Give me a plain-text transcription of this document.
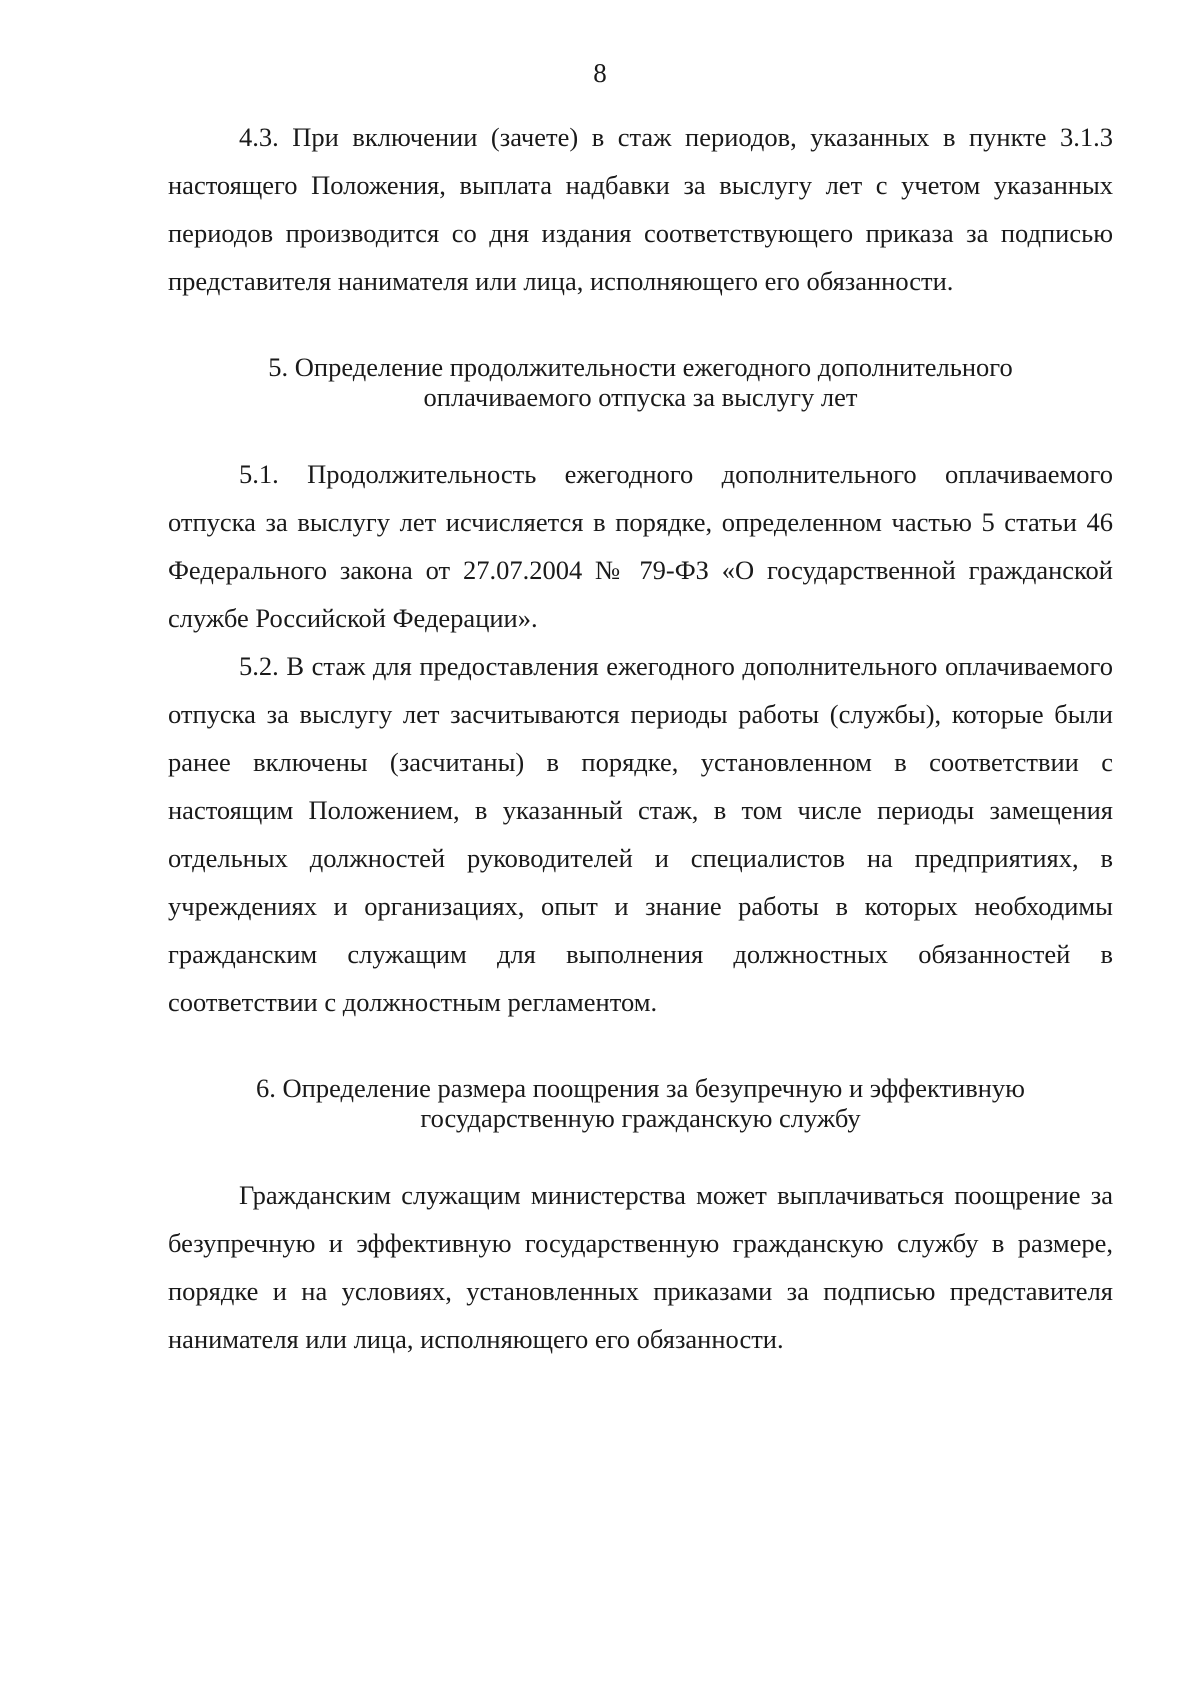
8

4.3. При включении (зачете) в стаж периодов, указанных в пункте 3.1.3 настоящего Положения, выплата надбавки за выслугу лет с учетом указанных периодов производится со дня издания соответствующего приказа за подписью представителя нанимателя или лица, исполняющего его обязанности.

5. Определение продолжительности ежегодного дополнительного
оплачиваемого отпуска за выслугу лет

5.1. Продолжительность ежегодного дополнительного оплачиваемого отпуска за выслугу лет исчисляется в порядке, определенном частью 5 статьи 46 Федерального закона от 27.07.2004 № 79-ФЗ «О государственной гражданской службе Российской Федерации».

5.2. В стаж для предоставления ежегодного дополнительного оплачиваемого отпуска за выслугу лет засчитываются периоды работы (службы), которые были ранее включены (засчитаны) в порядке, установленном в соответствии с настоящим Положением, в указанный стаж, в том числе периоды замещения отдельных должностей руководителей и специалистов на предприятиях, в учреждениях и организациях, опыт и знание работы в которых необходимы гражданским служащим для выполнения должностных обязанностей в соответствии с должностным регламентом.

6. Определение размера поощрения за безупречную и эффективную
государственную гражданскую службу

Гражданским служащим министерства может выплачиваться поощрение за безупречную и эффективную государственную гражданскую службу в размере, порядке и на условиях, установленных приказами за подписью представителя нанимателя или лица, исполняющего его обязанности.
